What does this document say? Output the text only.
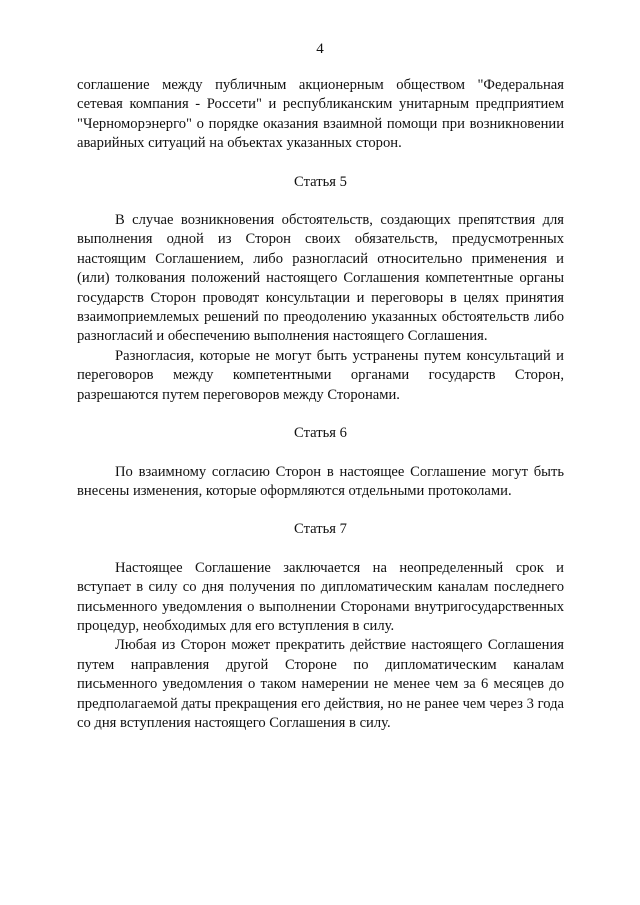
4

соглашение между публичным акционерным обществом "Федеральная сетевая компания - Россети" и республиканским унитарным предприятием "Черноморэнерго" о порядке оказания взаимной помощи при возникновении аварийных ситуаций на объектах указанных сторон.

Статья 5

В случае возникновения обстоятельств, создающих препятствия для выполнения одной из Сторон своих обязательств, предусмотренных настоящим Соглашением, либо разногласий относительно применения и (или) толкования положений настоящего Соглашения компетентные органы государств Сторон проводят консультации и переговоры в целях принятия взаимоприемлемых решений по преодолению указанных обстоятельств либо разногласий и обеспечению выполнения настоящего Соглашения.

Разногласия, которые не могут быть устранены путем консультаций и переговоров между компетентными органами государств Сторон, разрешаются путем переговоров между Сторонами.

Статья 6

По взаимному согласию Сторон в настоящее Соглашение могут быть внесены изменения, которые оформляются отдельными протоколами.

Статья 7

Настоящее Соглашение заключается на неопределенный срок и вступает в силу со дня получения по дипломатическим каналам последнего письменного уведомления о выполнении Сторонами внутригосударственных процедур, необходимых для его вступления в силу.

Любая из Сторон может прекратить действие настоящего Соглашения путем направления другой Стороне по дипломатическим каналам письменного уведомления о таком намерении не менее чем за 6 месяцев до предполагаемой даты прекращения его действия, но не ранее чем через 3 года со дня вступления настоящего Соглашения в силу.
